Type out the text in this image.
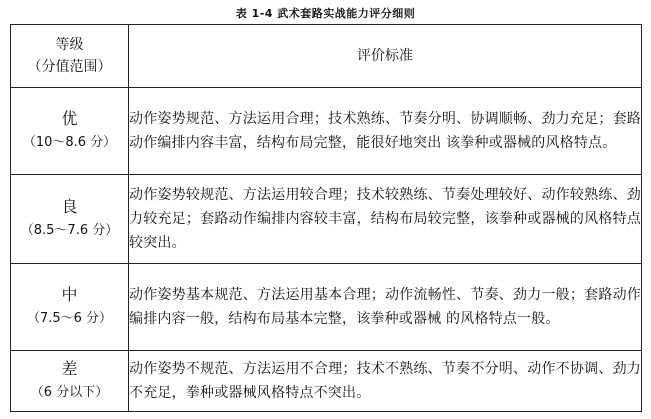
表 1-4 武术套路实战能力评分细则
等级
（分值范围）	评价标准

优
（10～8.6 分）	动作姿势规范、方法运用合理；技术熟练、节奏分明、协调顺畅、劲力充足；套路动作编排内容丰富，结构布局完整，能很好地突出 该拳种或器械的风格特点。

良
（8.5～7.6 分）	动作姿势较规范、方法运用较合理；技术较熟练、节奏处理较好、动作较熟练、劲力较充足；套路动作编排内容较丰富，结构布局较完整，该拳种或器械的风格特点较突出。

中
（7.5～6 分）	动作姿势基本规范、方法运用基本合理；动作流畅性、节奏、劲力一般；套路动作编排内容一般，结构布局基本完整，该拳种或器械 的风格特点一般。

差
（6 分以下）	动作姿势不规范、方法运用不合理；技术不熟练、节奏不分明、动作不协调、劲力不充足，拳种或器械风格特点不突出。
